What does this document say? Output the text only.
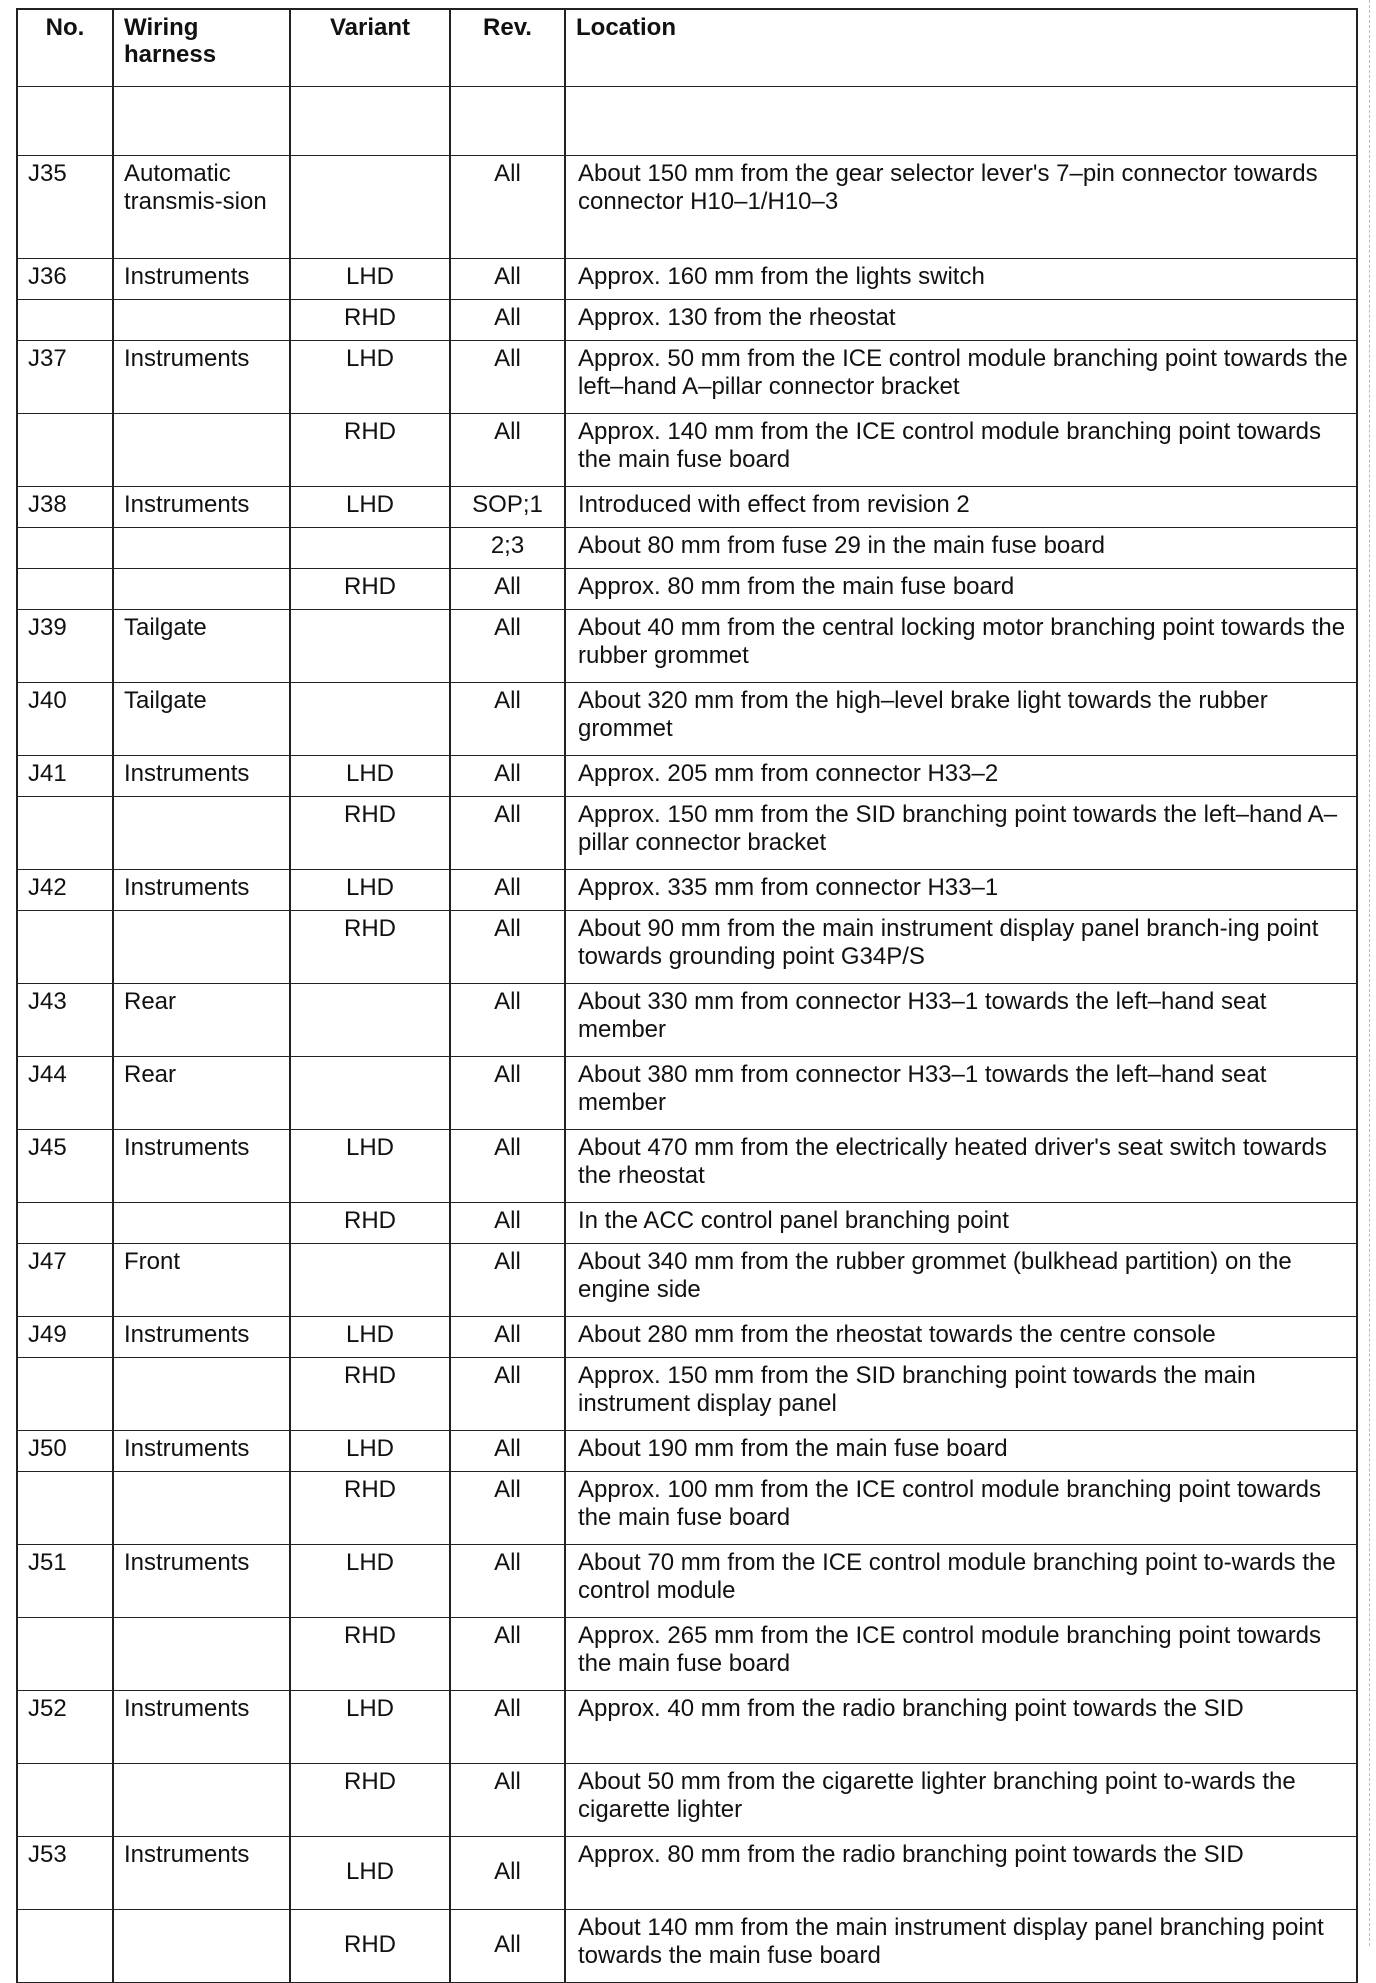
No.	Wiring harness	Variant	Rev.	Location

J35	Automatic transmis-sion		All	About 150 mm from the gear selector lever's 7–pin connector towards connector H10–1/H10–3
J36	Instruments	LHD	All	Approx. 160 mm from the lights switch
		RHD	All	Approx. 130 from the rheostat
J37	Instruments	LHD	All	Approx. 50 mm from the ICE control module branching point towards the left–hand A–pillar connector bracket
		RHD	All	Approx. 140 mm from the ICE control module branching point towards the main fuse board
J38	Instruments	LHD	SOP;1	Introduced with effect from revision 2
			2;3	About 80 mm from fuse 29 in the main fuse board
		RHD	All	Approx. 80 mm from the main fuse board
J39	Tailgate		All	About 40 mm from the central locking motor branching point towards the rubber grommet
J40	Tailgate		All	About 320 mm from the high–level brake light towards the rubber grommet
J41	Instruments	LHD	All	Approx. 205 mm from connector H33–2
		RHD	All	Approx. 150 mm from the SID branching point towards the left–hand A–pillar connector bracket
J42	Instruments	LHD	All	Approx. 335 mm from connector H33–1
		RHD	All	About 90 mm from the main instrument display panel branch-ing point towards grounding point G34P/S
J43	Rear		All	About 330 mm from connector H33–1 towards the left–hand seat member
J44	Rear		All	About 380 mm from connector H33–1 towards the left–hand seat member
J45	Instruments	LHD	All	About 470 mm from the electrically heated driver's seat switch towards the rheostat
		RHD	All	In the ACC control panel branching point
J47	Front		All	About 340 mm from the rubber grommet (bulkhead partition) on the engine side
J49	Instruments	LHD	All	About 280 mm from the rheostat towards the centre console
		RHD	All	Approx. 150 mm from the SID branching point towards the main instrument display panel
J50	Instruments	LHD	All	About 190 mm from the main fuse board
		RHD	All	Approx. 100 mm from the ICE control module branching point towards the main fuse board
J51	Instruments	LHD	All	About 70 mm from the ICE control module branching point to-wards the control module
		RHD	All	Approx. 265 mm from the ICE control module branching point towards the main fuse board
J52	Instruments	LHD	All	Approx. 40 mm from the radio branching point towards the SID
		RHD	All	About 50 mm from the cigarette lighter branching point to-wards the cigarette lighter
J53	Instruments	LHD	All	Approx. 80 mm from the radio branching point towards the SID
		RHD	All	About 140 mm from the main instrument display panel branching point towards the main fuse board
